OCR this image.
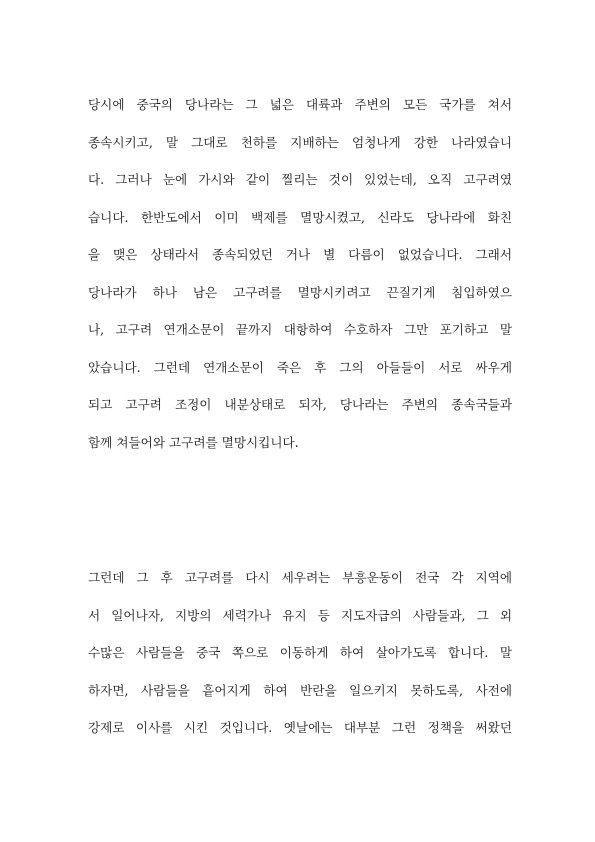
당시에 중국의 당나라는 그 넓은 대륙과 주변의 모든 국가를 쳐서
종속시키고, 말 그대로 천하를 지배하는 엄청나게 강한 나라였습니
다. 그러나 눈에 가시와 같이 찔리는 것이 있었는데, 오직 고구려였
습니다. 한반도에서 이미 백제를 멸망시켰고, 신라도 당나라에 화친
을 맺은 상태라서 종속되었던 거나 별 다름이 없었습니다. 그래서
당나라가 하나 남은 고구려를 멸망시키려고 끈질기게 침입하였으
나, 고구려 연개소문이 끝까지 대항하여 수호하자 그만 포기하고 말
았습니다. 그런데 연개소문이 죽은 후 그의 아들들이 서로 싸우게
되고 고구려 조정이 내분상태로 되자, 당나라는 주변의 종속국들과
함께 쳐들어와 고구려를 멸망시킵니다.
그런데 그 후 고구려를 다시 세우려는 부흥운동이 전국 각 지역에
서 일어나자, 지방의 세력가나 유지 등 지도자급의 사람들과, 그 외
수많은 사람들을 중국 쪽으로 이동하게 하여 살아가도록 합니다. 말
하자면, 사람들을 흩어지게 하여 반란을 일으키지 못하도록, 사전에
강제로 이사를 시킨 것입니다. 옛날에는 대부분 그런 정책을 써왔던
